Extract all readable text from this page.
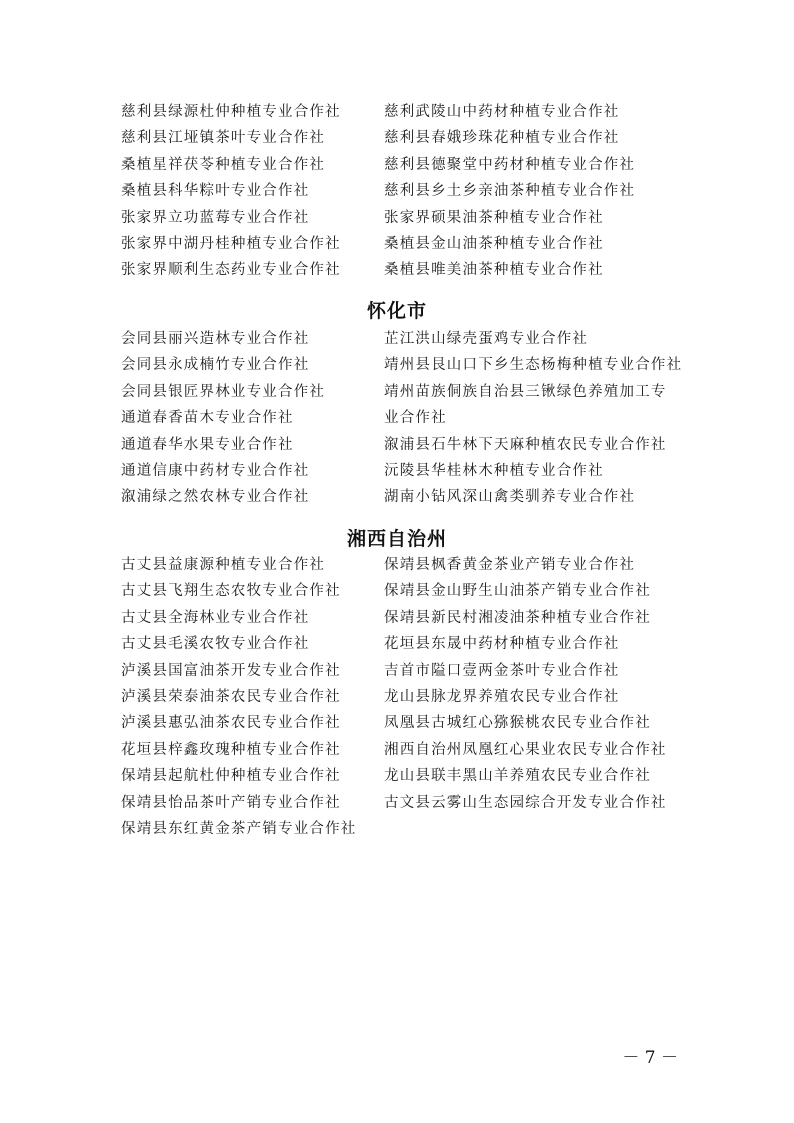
慈利县绿源杜仲种植专业合作社
慈利县江垭镇茶叶专业合作社
桑植星祥茯苓种植专业合作社
桑植县科华粽叶专业合作社
张家界立功蓝莓专业合作社
张家界中湖丹桂种植专业合作社
张家界顺利生态药业专业合作社
慈利武陵山中药材种植专业合作社
慈利县春娥珍珠花种植专业合作社
慈利县德聚堂中药材种植专业合作社
慈利县乡土乡亲油茶种植专业合作社
张家界硕果油茶种植专业合作社
桑植县金山油茶种植专业合作社
桑植县唯美油茶种植专业合作社
怀化市
会同县丽兴造林专业合作社
会同县永成楠竹专业合作社
会同县银匠界林业专业合作社
通道春香苗木专业合作社
通道春华水果专业合作社
通道信康中药材专业合作社
溆浦绿之然农林专业合作社
芷江洪山绿壳蛋鸡专业合作社
靖州县艮山口下乡生态杨梅种植专业合作社
靖州苗族侗族自治县三锹绿色养殖加工专
业合作社
溆浦县石牛林下天麻种植农民专业合作社
沅陵县华桂林木种植专业合作社
湖南小钻风深山禽类驯养专业合作社
湘西自治州
古丈县益康源种植专业合作社
古丈县飞翔生态农牧专业合作社
古丈县全海林业专业合作社
古丈县毛溪农牧专业合作社
泸溪县国富油茶开发专业合作社
泸溪县荣泰油茶农民专业合作社
泸溪县惠弘油茶农民专业合作社
花垣县梓鑫玫瑰种植专业合作社
保靖县起航杜仲种植专业合作社
保靖县怡品茶叶产销专业合作社
保靖县东红黄金茶产销专业合作社
保靖县枫香黄金茶业产销专业合作社
保靖县金山野生山油茶产销专业合作社
保靖县新民村湘凌油茶种植专业合作社
花垣县东晟中药材种植专业合作社
吉首市隘口壹两金茶叶专业合作社
龙山县脉龙界养殖农民专业合作社
凤凰县古城红心猕猴桃农民专业合作社
湘西自治州凤凰红心果业农民专业合作社
龙山县联丰黑山羊养殖农民专业合作社
古文县云雾山生态园综合开发专业合作社
－ 7 －
